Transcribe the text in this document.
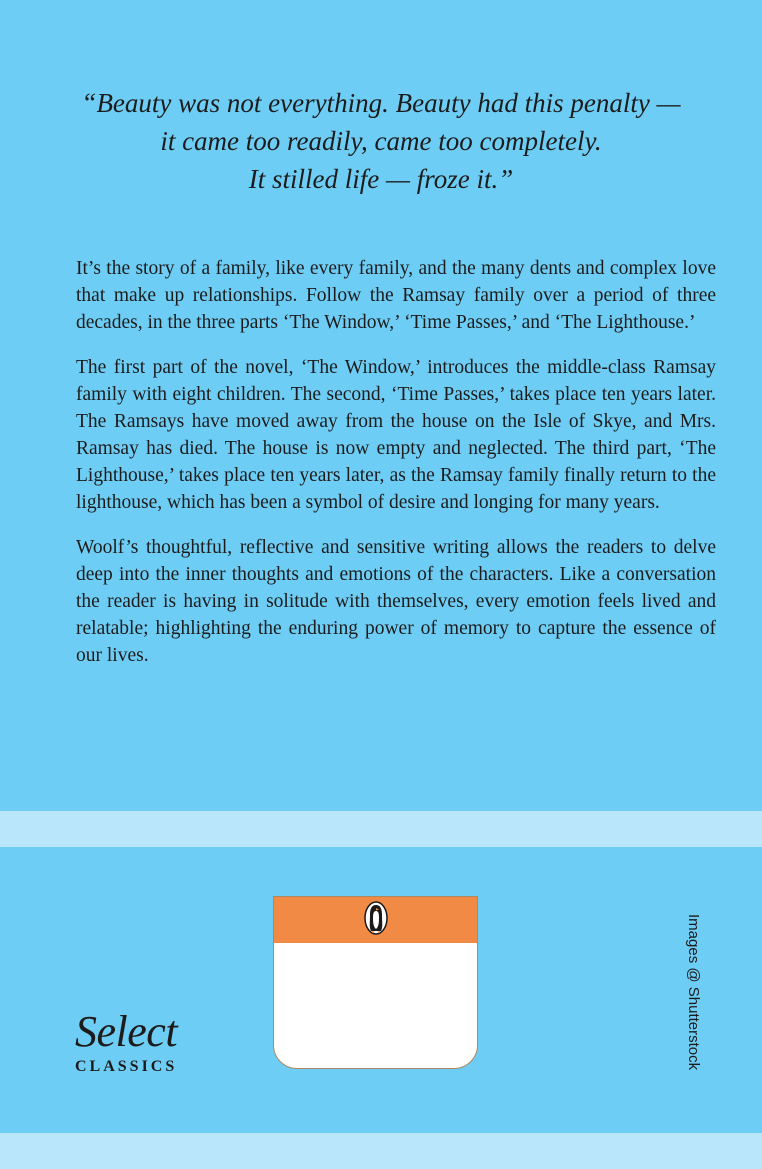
“Beauty was not everything. Beauty had this penalty —
it came too readily, came too completely.
It stilled life — froze it.”

It’s the story of a family, like every family, and the many dents and complex love that make up relationships. Follow the Ramsay family over a period of three decades, in the three parts ‘The Window,’ ‘Time Passes,’ and ‘The Lighthouse.’

The first part of the novel, ‘The Window,’ introduces the middle-class Ramsay family with eight children. The second, ‘Time Passes,’ takes place ten years later. The Ramsays have moved away from the house on the Isle of Skye, and Mrs. Ramsay has died. The house is now empty and neglected. The third part, ‘The Lighthouse,’ takes place ten years later, as the Ramsay family finally return to the lighthouse, which has been a symbol of desire and longing for many years.

Woolf’s thoughtful, reflective and sensitive writing allows the readers to delve deep into the inner thoughts and emotions of the characters. Like a conversation the reader is having in solitude with themselves, every emotion feels lived and relatable; highlighting the enduring power of memory to capture the essence of our lives.

Select
CLASSICS	Images @ Shutterstock
